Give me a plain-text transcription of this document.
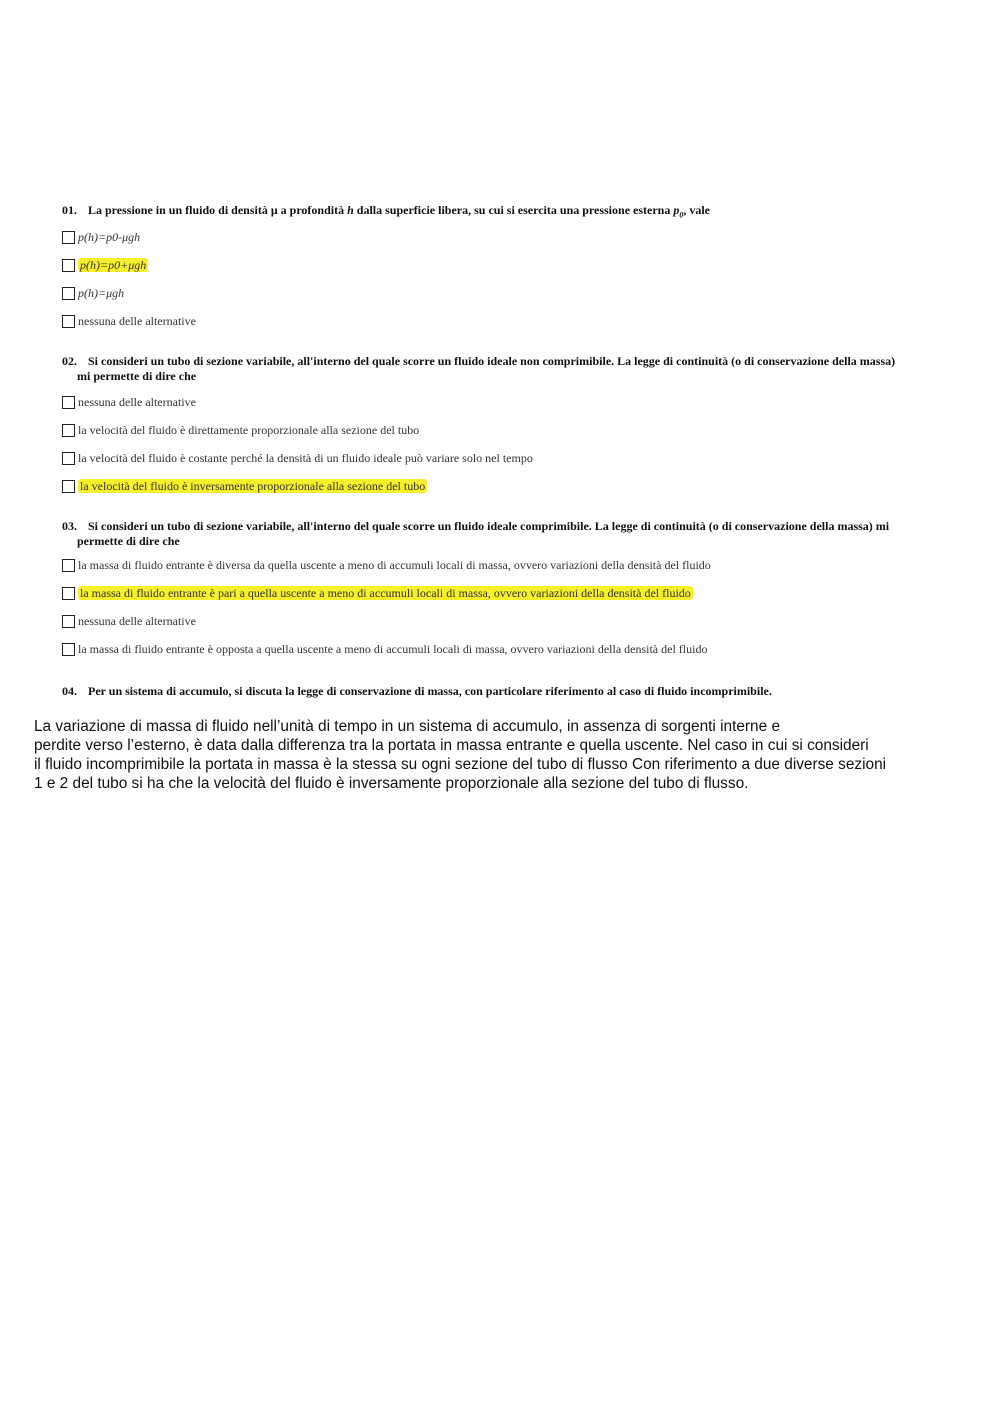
01. La pressione in un fluido di densità μ a profondità h dalla superficie libera, su cui si esercita una pressione esterna $p_0$, vale
p(h)=p0-μgh
p(h)=p0+μgh
p(h)=μgh
nessuna delle alternative
02. Si consideri un tubo di sezione variabile, all'interno del quale scorre un fluido ideale non comprimibile. La legge di continuità (o di conservazione della massa)
mi permette di dire che
nessuna delle alternative
la velocità del fluido è direttamente proporzionale alla sezione del tubo
la velocità del fluido è costante perché la densità di un fluido ideale può variare solo nel tempo
la velocità del fluido è inversamente proporzionale alla sezione del tubo
03. Si consideri un tubo di sezione variabile, all'interno del quale scorre un fluido ideale comprimibile. La legge di continuità (o di conservazione della massa) mi
permette di dire che
la massa di fluido entrante è diversa da quella uscente a meno di accumuli locali di massa, ovvero variazioni della densità del fluido
la massa di fluido entrante è pari a quella uscente a meno di accumuli locali di massa, ovvero variazioni della densità del fluido
nessuna delle alternative
la massa di fluido entrante è opposta a quella uscente a meno di accumuli locali di massa, ovvero variazioni della densità del fluido
04. Per un sistema di accumulo, si discuta la legge di conservazione di massa, con particolare riferimento al caso di fluido incomprimibile.
La variazione di massa di fluido nell’unità di tempo in un sistema di accumulo, in assenza di sorgenti interne e
perdite verso l’esterno, è data dalla differenza tra la portata in massa entrante e quella uscente. Nel caso in cui si consideri
il fluido incomprimibile la portata in massa è la stessa su ogni sezione del tubo di flusso Con riferimento a due diverse sezioni
1 e 2 del tubo si ha che la velocità del fluido è inversamente proporzionale alla sezione del tubo di flusso.
